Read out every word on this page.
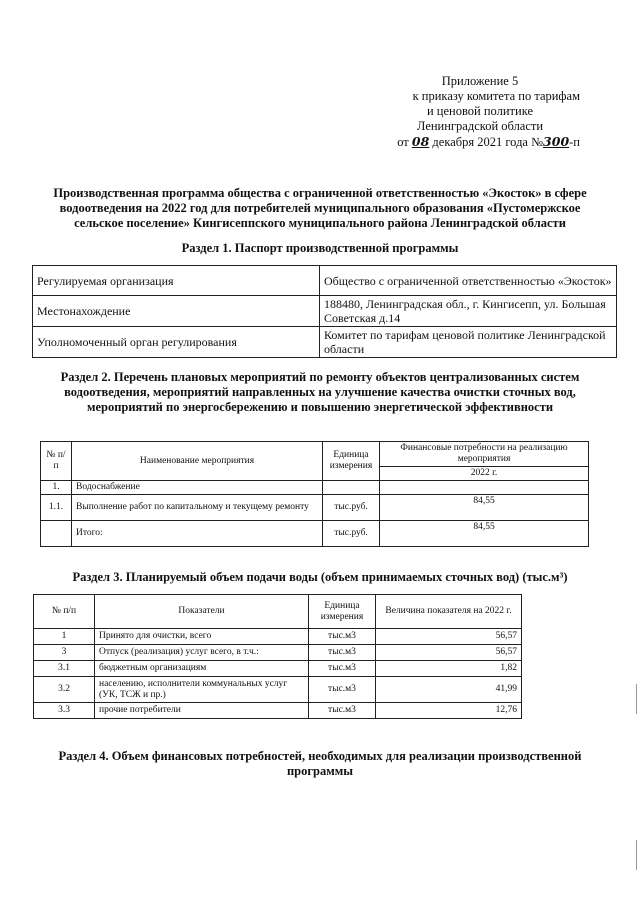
Приложение 5
к приказу комитета по тарифам
и ценовой политике
Ленинградской области
от 08 декабря 2021 года №300-п
Производственная программа общества с ограниченной ответственностью «Экосток» в сфере
водоотведения на 2022 год для потребителей муниципального образования «Пустомержское
сельское поселение» Кингисеппского муниципального района Ленинградской области
Раздел 1. Паспорт производственной программы
Регулируемая организация	Общество с ограниченной ответственностью «Экосток»
Местонахождение	188480, Ленинградская обл., г. Кингисепп, ул. Большая Советская д.14
Уполномоченный орган регулирования	Комитет по тарифам ценовой политике Ленинградской области
Раздел 2. Перечень плановых мероприятий по ремонту объектов централизованных систем
водоотведения, мероприятий направленных на улучшение качества очистки сточных вод,
мероприятий по энергосбережению и повышению энергетической эффективности
№ п/п	Наименование мероприятия	Единица измерения	Финансовые потребности на реализацию мероприятия
			2022 г.
1.	Водоснабжение		
1.1.	Выполнение работ по капитальному и текущему ремонту	тыс.руб.	84,55
	Итого:	тыс.руб.	84,55
Раздел 3. Планируемый объем подачи воды (объем принимаемых сточных вод) (тыс.м³)
№ п/п	Показатели	Единица измерения	Величина показателя на 2022 г.
1	Принято для очистки, всего	тыс.м3	56,57
3	Отпуск (реализация) услуг всего, в т.ч.:	тыс.м3	56,57
3.1	бюджетным организациям	тыс.м3	1,82
3.2	населению, исполнители коммунальных услуг (УК, ТСЖ и пр.)	тыс.м3	41,99
3.3	прочие потребители	тыс.м3	12,76
Раздел 4. Объем финансовых потребностей, необходимых для реализации производственной
программы
